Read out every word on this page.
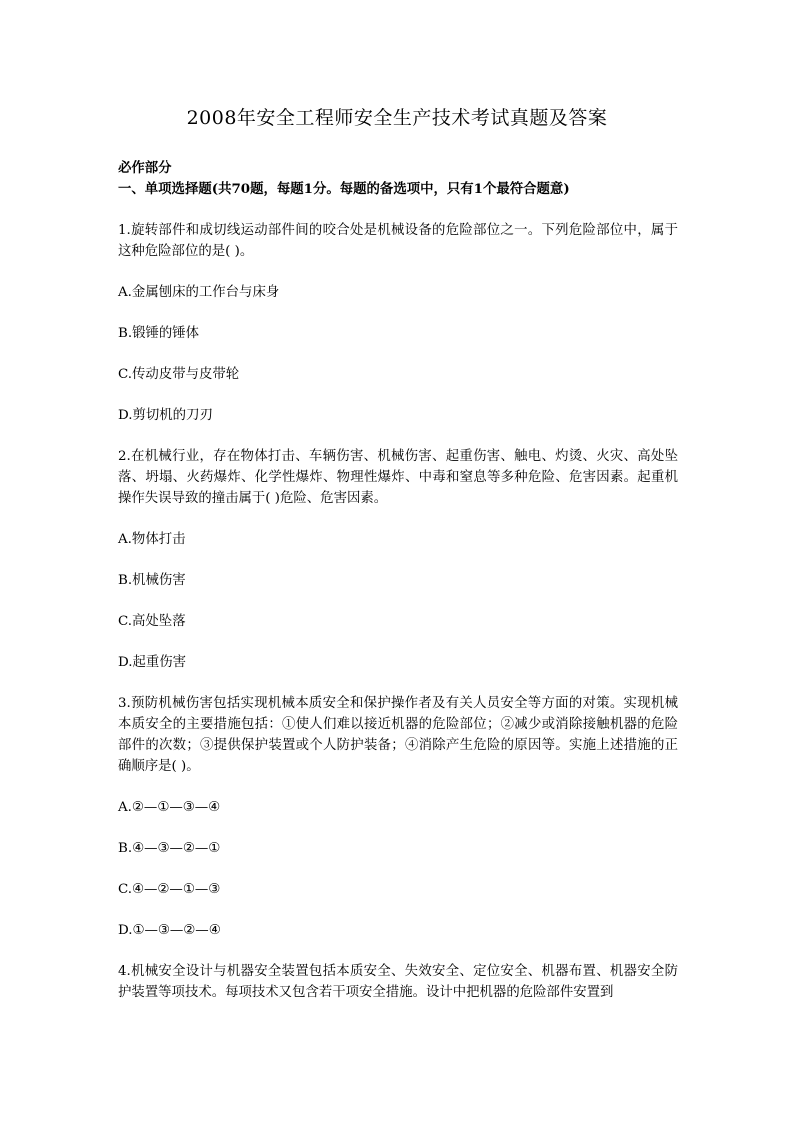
2008年安全工程师安全生产技术考试真题及答案
必作部分
一、单项选择题(共70题，每题1分。每题的备选项中，只有1个最符合题意)
1.旋转部件和成切线运动部件间的咬合处是机械设备的危险部位之一。下列危险部位中，属于这种危险部位的是( )。
A.金属刨床的工作台与床身
B.锻锤的锤体
C.传动皮带与皮带轮
D.剪切机的刀刃
2.在机械行业，存在物体打击、车辆伤害、机械伤害、起重伤害、触电、灼烫、火灾、高处坠落、坍塌、火药爆炸、化学性爆炸、物理性爆炸、中毒和窒息等多种危险、危害因素。起重机操作失误导致的撞击属于( )危险、危害因素。
A.物体打击
B.机械伤害
C.高处坠落
D.起重伤害
3.预防机械伤害包括实现机械本质安全和保护操作者及有关人员安全等方面的对策。实现机械本质安全的主要措施包括：①使人们难以接近机器的危险部位；②减少或消除接触机器的危险部件的次数；③提供保护装置或个人防护装备；④消除产生危险的原因等。实施上述措施的正确顺序是( )。
A.②—①—③—④
B.④—③—②—①
C.④—②—①—③
D.①—③—②—④
4.机械安全设计与机器安全装置包括本质安全、失效安全、定位安全、机器布置、机器安全防护装置等项技术。每项技术又包含若干项安全措施。设计中把机器的危险部件安置到
